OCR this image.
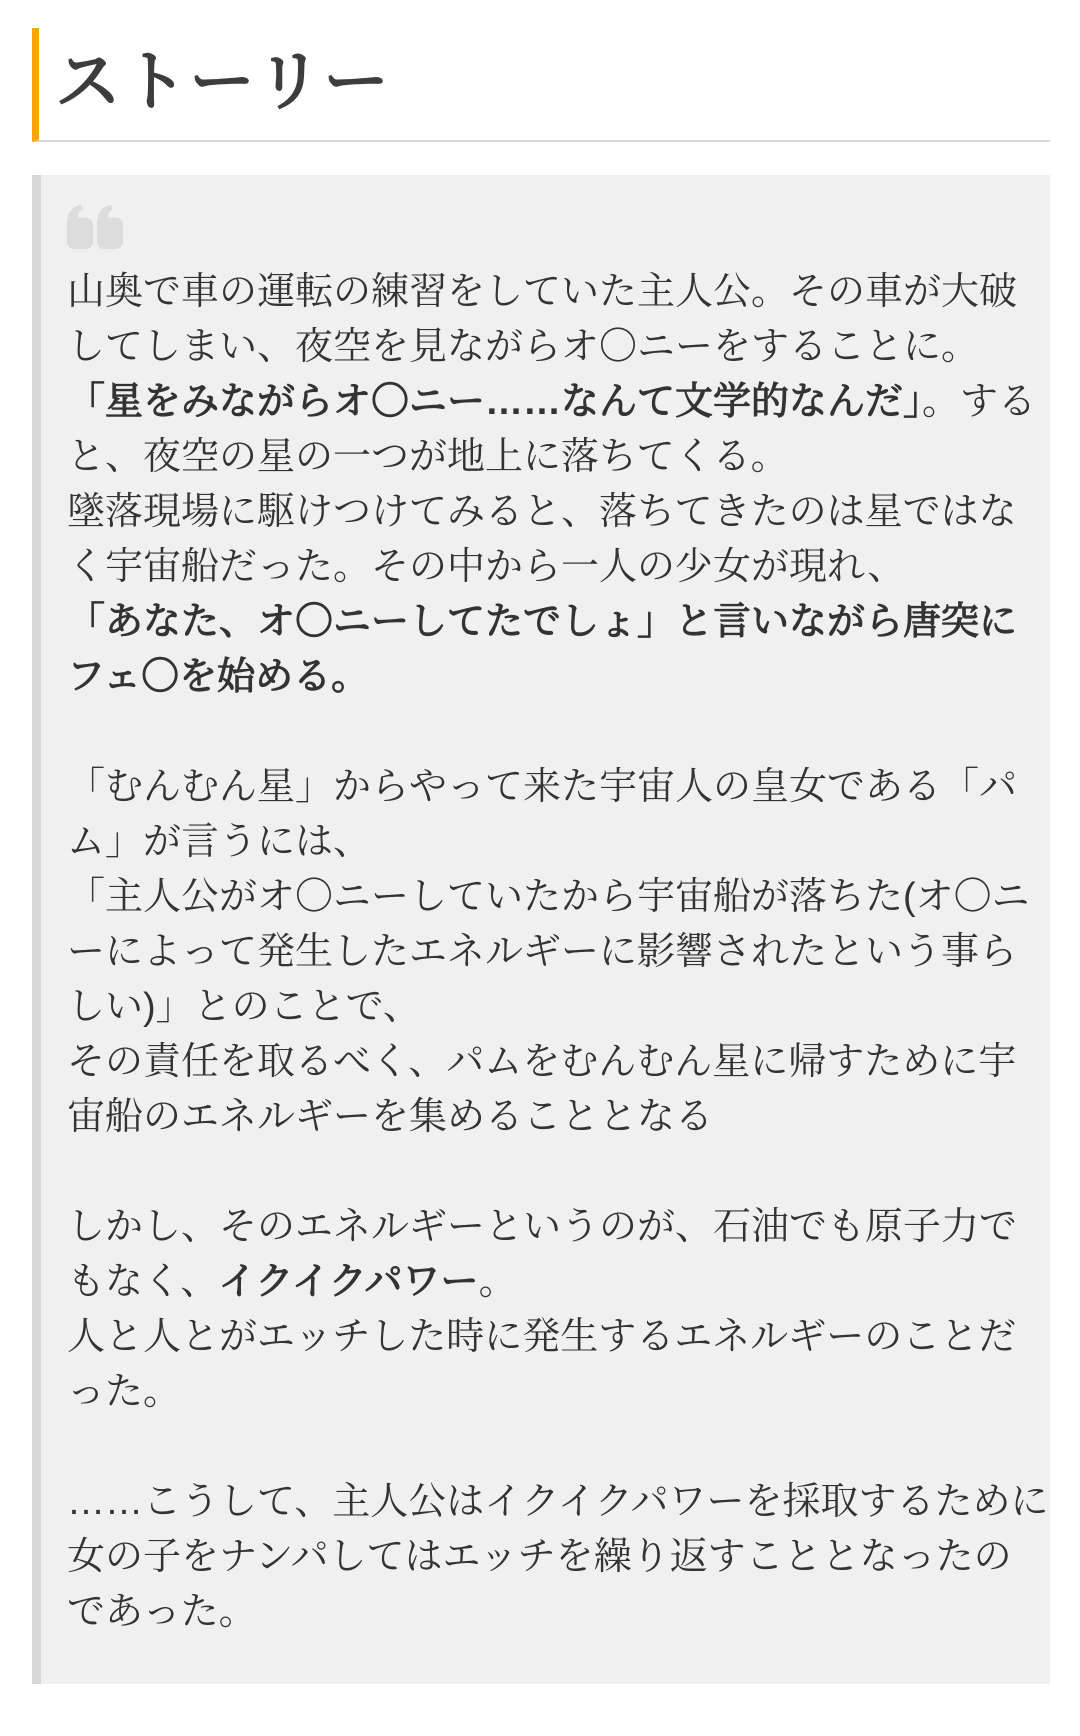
ストーリー
山奥で車の運転の練習をしていた主人公。その車が大破
してしまい、夜空を見ながらオ〇ニーをすることに。
「星をみながらオ〇ニー……なんて文学的なんだ」。する
と、夜空の星の一つが地上に落ちてくる。
墜落現場に駆けつけてみると、落ちてきたのは星ではな
く宇宙船だった。その中から一人の少女が現れ、
「あなた、オ〇ニーしてたでしょ」と言いながら唐突に
フェ〇を始める。

「むんむん星」からやって来た宇宙人の皇女である「パ
ム」が言うには、
「主人公がオ〇ニーしていたから宇宙船が落ちた(オ〇ニ
ーによって発生したエネルギーに影響されたという事ら
しい)」とのことで、
その責任を取るべく、パムをむんむん星に帰すために宇
宙船のエネルギーを集めることとなる

しかし、そのエネルギーというのが、石油でも原子力で
もなく、イクイクパワー。
人と人とがエッチした時に発生するエネルギーのことだ
った。

……こうして、主人公はイクイクパワーを採取するために
女の子をナンパしてはエッチを繰り返すこととなったの
であった。
